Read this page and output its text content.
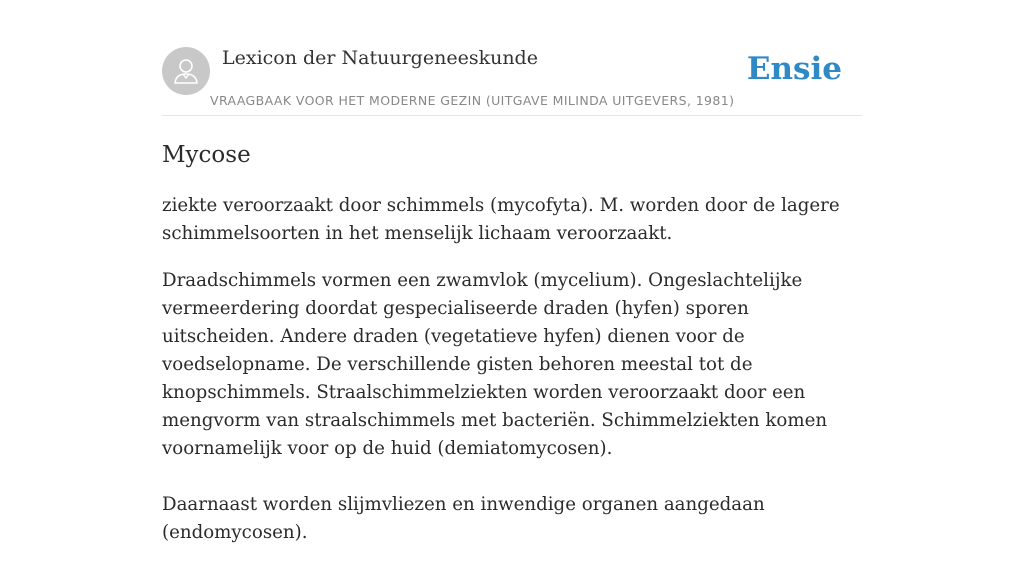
Lexicon der Natuurgeneeskunde
VRAAGBAAK VOOR HET MODERNE GEZIN (UITGAVE MILINDA UITGEVERS, 1981)
Ensie
Mycose

ziekte veroorzaakt door schimmels (mycofyta). M. worden door de lagere schimmelsoorten in het menselijk lichaam veroorzaakt.

Draadschimmels vormen een zwamvlok (mycelium). Ongeslachtelijke vermeerdering doordat gespecialiseerde draden (hyfen) sporen uitscheiden. Andere draden (vegetatieve hyfen) dienen voor de voedselopname. De verschillende gisten behoren meestal tot de knopschimmels. Straalschimmelziekten worden veroorzaakt door een mengvorm van straalschimmels met bacteriën. Schimmelziekten komen voornamelijk voor op de huid (demiatomycosen).

Daarnaast worden slijmvliezen en inwendige organen aangedaan (endomycosen).
